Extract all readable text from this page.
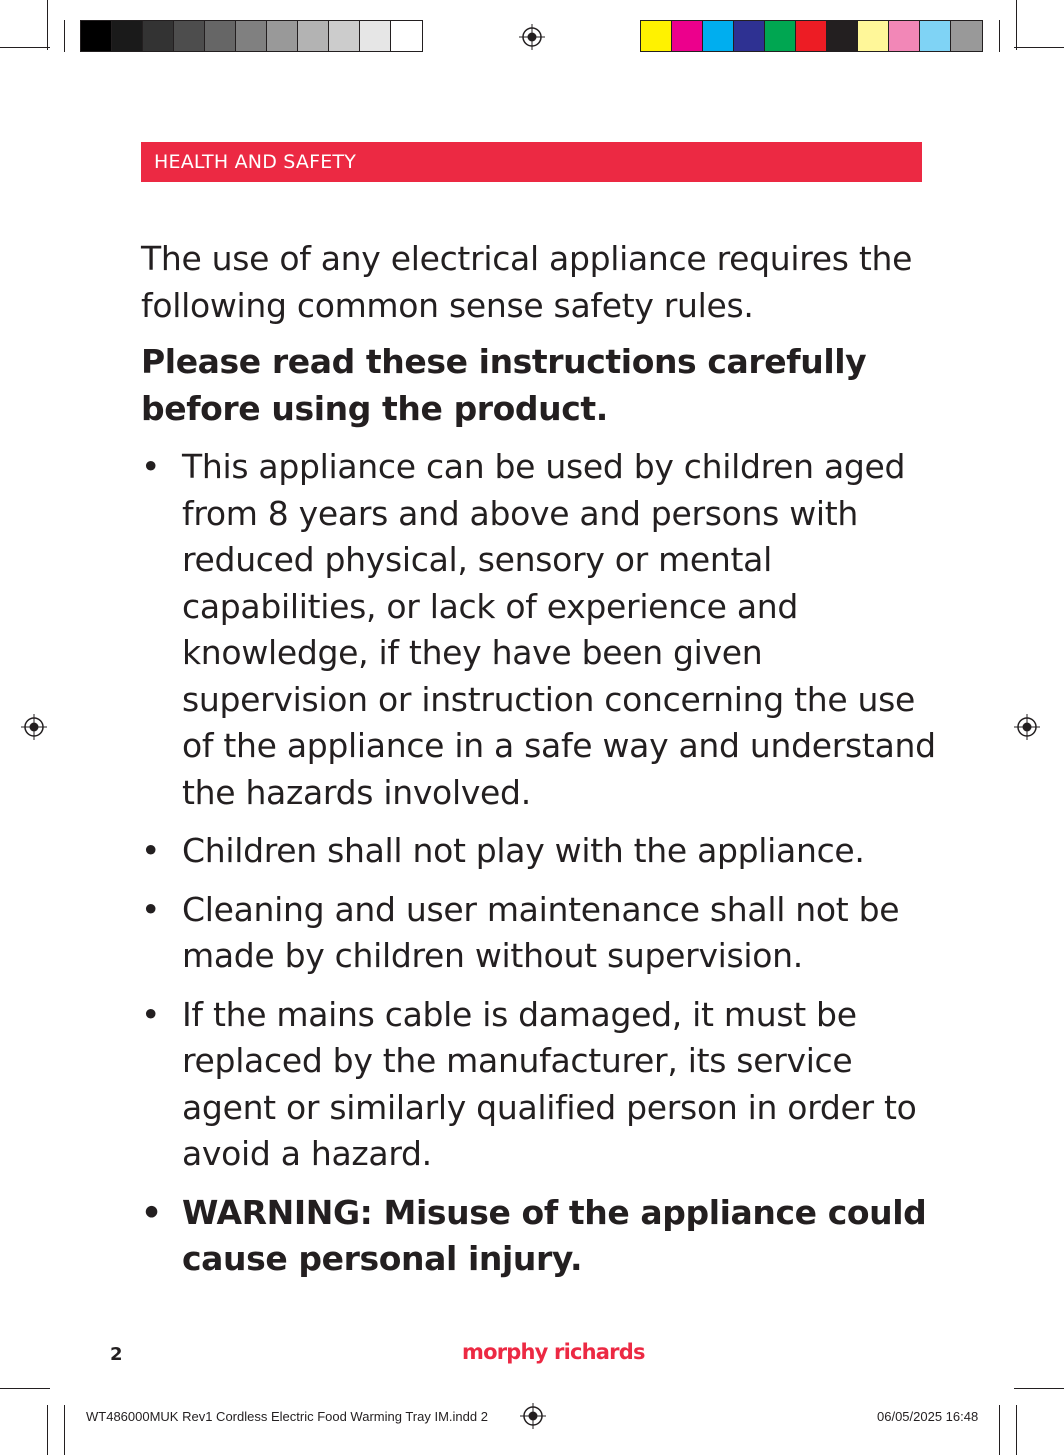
HEALTH AND SAFETY

The use of any electrical appliance requires the following common sense safety rules.

Please read these instructions carefully before using the product.

• This appliance can be used by children aged from 8 years and above and persons with reduced physical, sensory or mental capabilities, or lack of experience and knowledge, if they have been given supervision or instruction concerning the use of the appliance in a safe way and understand the hazards involved.
• Children shall not play with the appliance.
• Cleaning and user maintenance shall not be made by children without supervision.
• If the mains cable is damaged, it must be replaced by the manufacturer, its service agent or similarly qualified person in order to avoid a hazard.
• WARNING: Misuse of the appliance could cause personal injury.
2	morphy richards
WT486000MUK Rev1 Cordless Electric Food Warming Tray IM.indd 2	06/05/2025 16:48
